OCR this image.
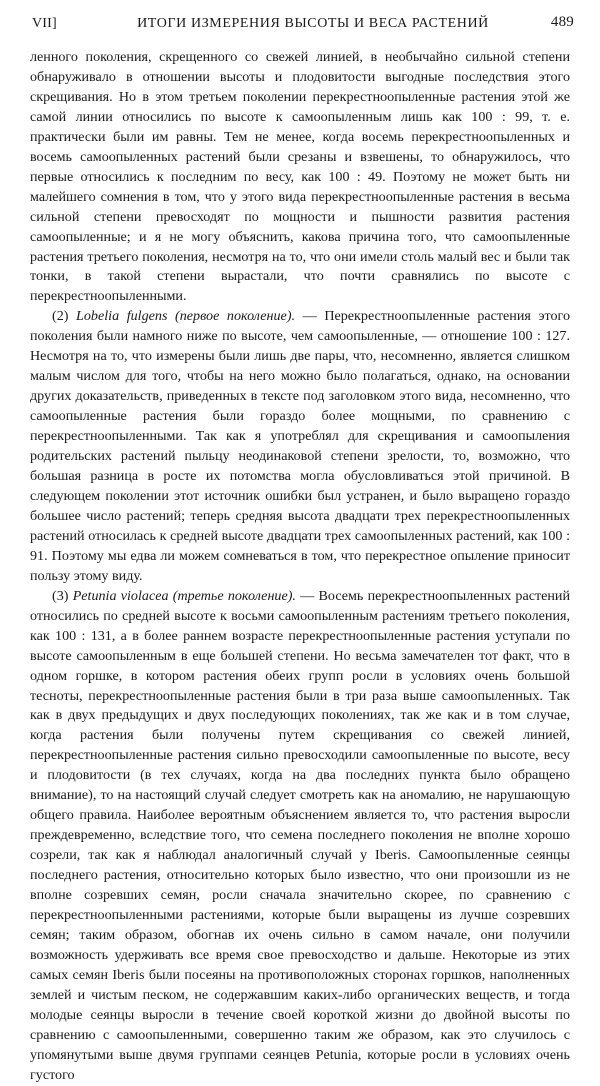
VII]	ИТОГИ ИЗМЕРЕНИЯ ВЫСОТЫ И ВЕСА РАСТЕНИЙ	489

ленного поколения, скрещенного со свежей линией, в необычайно сильной степени обнаруживало в отношении высоты и плодовитости выгодные последствия этого скрещивания. Но в этом третьем поколении перекрестноопыленные растения этой же самой линии относились по высоте к самоопыленным лишь как 100 : 99, т. е. практически были им равны. Тем не менее, когда восемь перекрестноопыленных и восемь самоопыленных растений были срезаны и взвешены, то обнаружилось, что первые относились к последним по весу, как 100 : 49. Поэтому не может быть ни малейшего сомнения в том, что у этого вида перекрестноопыленные растения в весьма сильной степени превосходят по мощности и пышности развития растения самоопыленные; и я не могу объяснить, какова причина того, что самоопыленные растения третьего поколения, несмотря на то, что они имели столь малый вес и были так тонки, в такой степени вырастали, что почти сравнялись по высоте с перекрестноопыленными.

(2) Lobelia fulgens (первое поколение). — Перекрестноопыленные растения этого поколения были намного ниже по высоте, чем самоопыленные, — отношение 100 : 127. Несмотря на то, что измерены были лишь две пары, что, несомненно, является слишком малым числом для того, чтобы на него можно было полагаться, однако, на основании других доказательств, приведенных в тексте под заголовком этого вида, несомненно, что самоопыленные растения были гораздо более мощными, по сравнению с перекрестноопыленными. Так как я употреблял для скрещивания и самоопыления родительских растений пыльцу неодинаковой степени зрелости, то, возможно, что большая разница в росте их потомства могла обусловливаться этой причиной. В следующем поколении этот источник ошибки был устранен, и было выращено гораздо большее число растений; теперь средняя высота двадцати трех перекрестноопыленных растений относилась к средней высоте двадцати трех самоопыленных растений, как 100 : 91. Поэтому мы едва ли можем сомневаться в том, что перекрестное опыление приносит пользу этому виду.

(3) Petunia violacea (третье поколение). — Восемь перекрестноопыленных растений относились по средней высоте к восьми самоопыленным растениям третьего поколения, как 100 : 131, а в более раннем возрасте перекрестноопыленные растения уступали по высоте самоопыленным в еще большей степени. Но весьма замечателен тот факт, что в одном горшке, в котором растения обеих групп росли в условиях очень большой тесноты, перекрестноопыленные растения были в три раза выше самоопыленных. Так как в двух предыдущих и двух последующих поколениях, так же как и в том случае, когда растения были получены путем скрещивания со свежей линией, перекрестноопыленные растения сильно превосходили самоопыленные по высоте, весу и плодовитости (в тех случаях, когда на два последних пункта было обращено внимание), то на настоящий случай следует смотреть как на аномалию, не нарушающую общего правила. Наиболее вероятным объяснением является то, что растения выросли преждевременно, вследствие того, что семена последнего поколения не вполне хорошо созрели, так как я наблюдал аналогичный случай у Iberis. Самоопыленные сеянцы последнего растения, относительно которых было известно, что они произошли из не вполне созревших семян, росли сначала значительно скорее, по сравнению с перекрестноопыленными растениями, которые были выращены из лучше созревших семян; таким образом, обогнав их очень сильно в самом начале, они получили возможность удерживать все время свое превосходство и дальше. Некоторые из этих самых семян Iberis были посеяны на противоположных сторонах горшков, наполненных землей и чистым песком, не содержавшим каких-либо органических веществ, и тогда молодые сеянцы выросли в течение своей короткой жизни до двойной высоты по сравнению с самоопыленными, совершенно таким же образом, как это случилось с упомянутыми выше двумя группами сеянцев Petunia, которые росли в условиях очень густого
